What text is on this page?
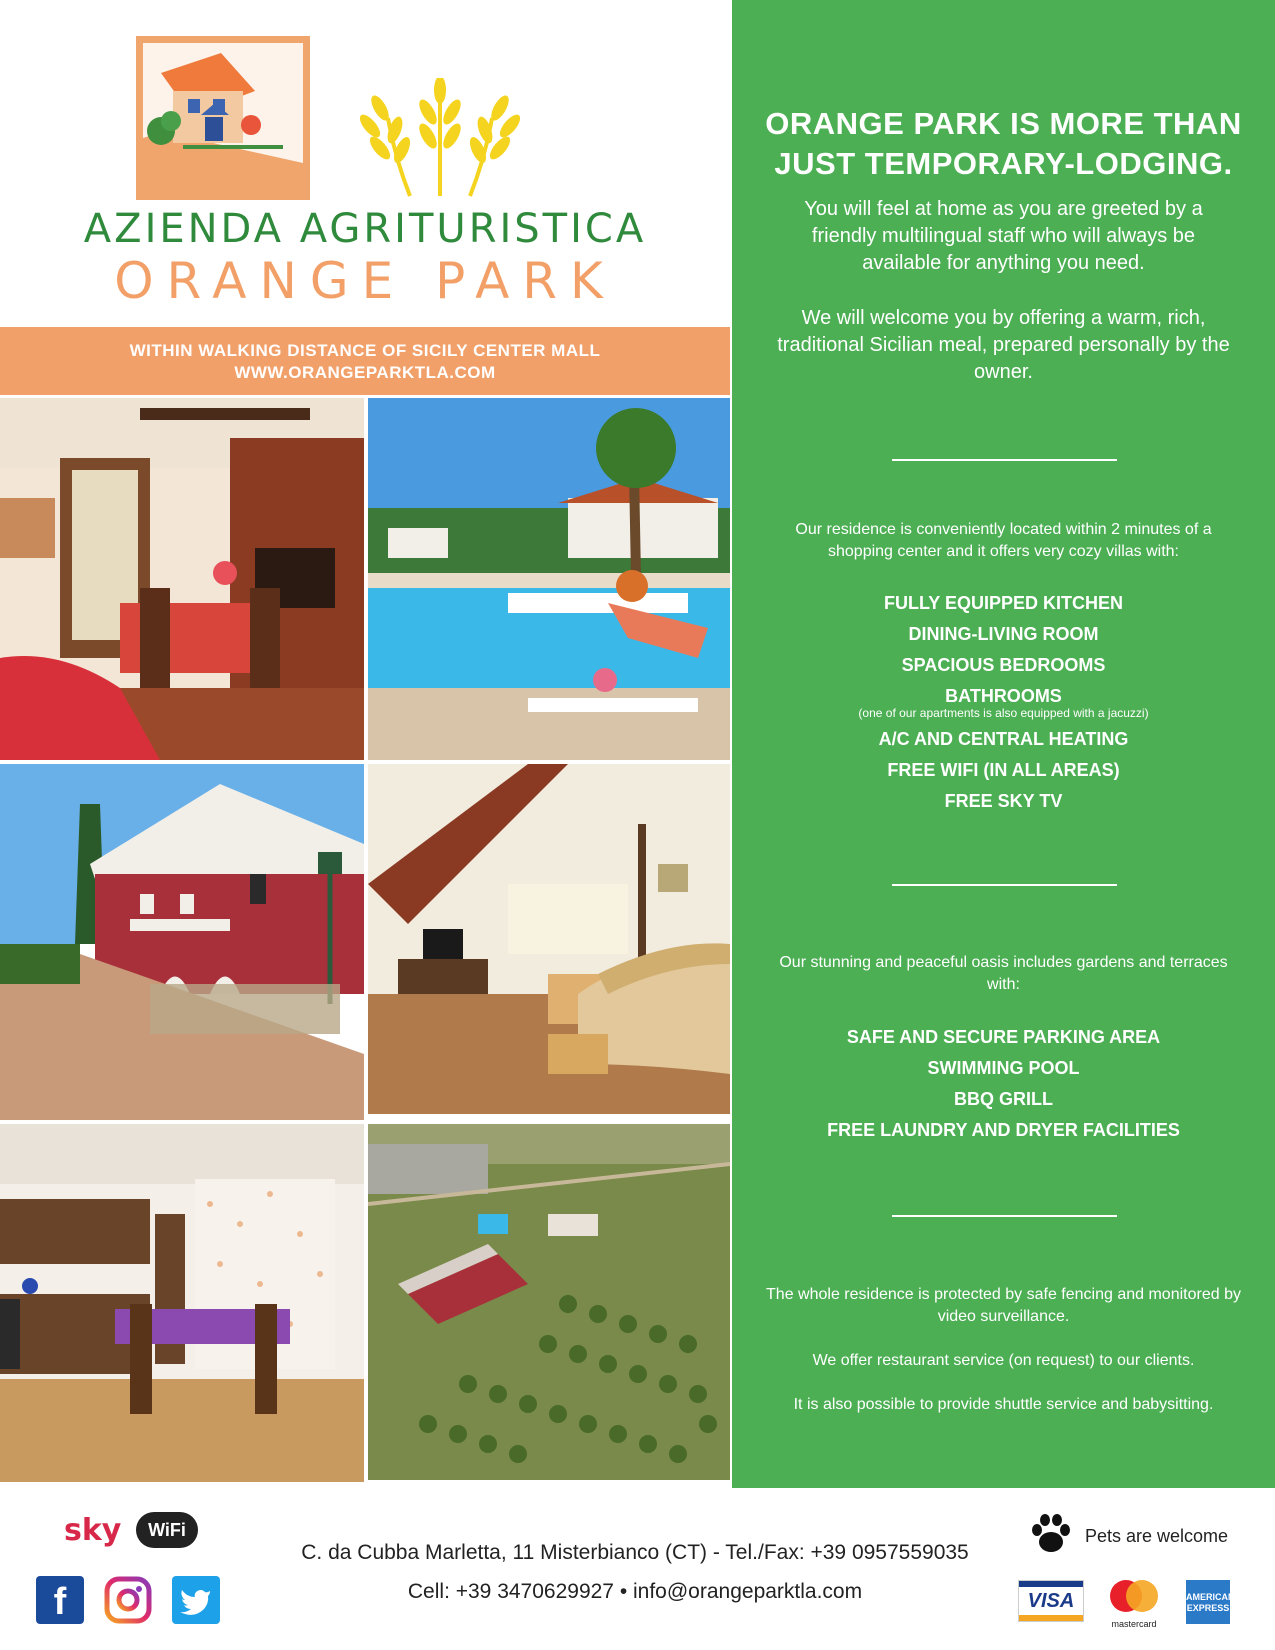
AZIENDA AGRITURISTICA
ORANGE PARK
WITHIN WALKING DISTANCE OF SICILY CENTER MALL
WWW.ORANGEPARKTLA.COM
ORANGE PARK IS MORE THAN
JUST TEMPORARY-LODGING.
You will feel at home as you are greeted by a friendly multilingual staff who will always be available for anything you need.
We will welcome you by offering a warm, rich, traditional Sicilian meal, prepared personally by the owner.
Our residence is conveniently located within 2 minutes of a shopping center and it offers very cozy villas with:
FULLY EQUIPPED KITCHEN
DINING-LIVING ROOM
SPACIOUS BEDROOMS
BATHROOMS
(one of our apartments is also equipped with a jacuzzi)
A/C AND CENTRAL HEATING
FREE WIFI (IN ALL AREAS)
FREE SKY TV
Our stunning and peaceful oasis includes gardens and terraces with:
SAFE AND SECURE PARKING AREA
SWIMMING POOL
BBQ GRILL
FREE LAUNDRY AND DRYER FACILITIES
The whole residence is protected by safe fencing and monitored by video surveillance.
We offer restaurant service (on request) to our clients.
It is also possible to provide shuttle service and babysitting.
sky	WiFi
f
C. da Cubba Marletta, 11 Misterbianco (CT) - Tel./Fax: +39 0957559035
Cell: +39 3470629927 • info@orangeparktla.com
Pets are welcome
VISA
mastercard
AMERICAN EXPRESS
